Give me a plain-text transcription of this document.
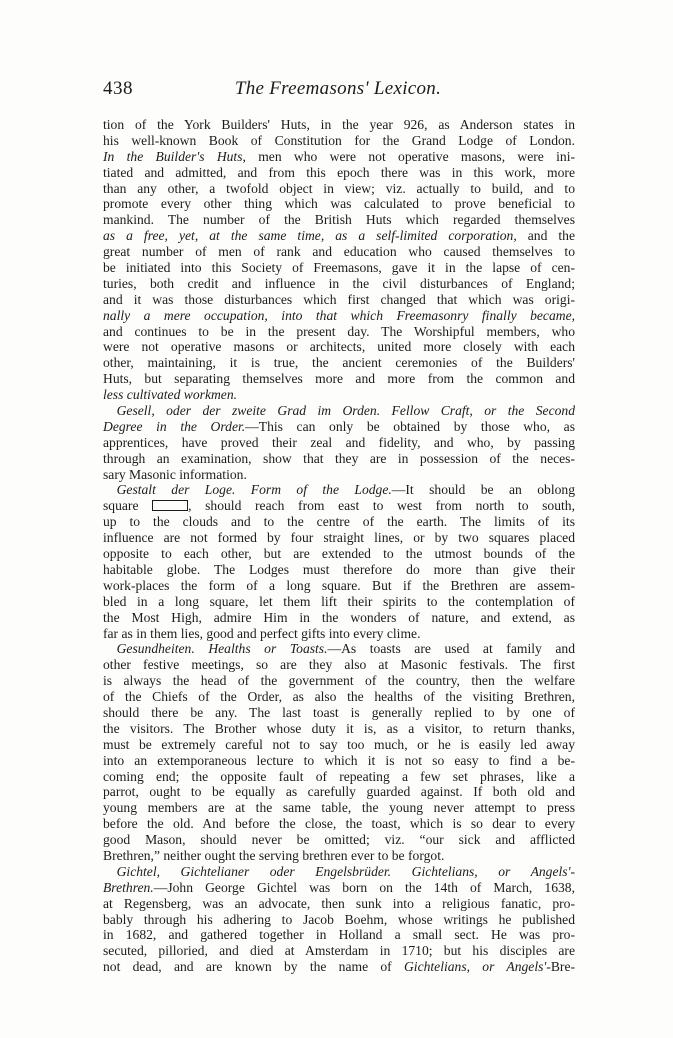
438	The Freemasons' Lexicon.
tion of the York Builders' Huts, in the year 926, as Anderson states in
his well-known Book of Constitution for the Grand Lodge of London.
In the Builder's Huts, men who were not operative masons, were ini-
tiated and admitted, and from this epoch there was in this work, more
than any other, a twofold object in view; viz. actually to build, and to
promote every other thing which was calculated to prove beneficial to
mankind. The number of the British Huts which regarded themselves
as a free, yet, at the same time, as a self-limited corporation, and the
great number of men of rank and education who caused themselves to
be initiated into this Society of Freemasons, gave it in the lapse of cen-
turies, both credit and influence in the civil disturbances of England;
and it was those disturbances which first changed that which was origi-
nally a mere occupation, into that which Freemasonry finally became,
and continues to be in the present day. The Worshipful members, who
were not operative masons or architects, united more closely with each
other, maintaining, it is true, the ancient ceremonies of the Builders'
Huts, but separating themselves more and more from the common and
less cultivated workmen.
 Gesell, oder der zweite Grad im Orden. Fellow Craft, or the Second
Degree in the Order.—This can only be obtained by those who, as
apprentices, have proved their zeal and fidelity, and who, by passing
through an examination, show that they are in possession of the neces-
sary Masonic information.
 Gestalt der Loge. Form of the Lodge.—It should be an oblong
square	, should reach from east to west from north to south,
up to the clouds and to the centre of the earth. The limits of its
influence are not formed by four straight lines, or by two squares placed
opposite to each other, but are extended to the utmost bounds of the
habitable globe. The Lodges must therefore do more than give their
work-places the form of a long square. But if the Brethren are assem-
bled in a long square, let them lift their spirits to the contemplation of
the Most High, admire Him in the wonders of nature, and extend, as
far as in them lies, good and perfect gifts into every clime.
 Gesundheiten. Healths or Toasts.—As toasts are used at family and
other festive meetings, so are they also at Masonic festivals. The first
is always the head of the government of the country, then the welfare
of the Chiefs of the Order, as also the healths of the visiting Brethren,
should there be any. The last toast is generally replied to by one of
the visitors. The Brother whose duty it is, as a visitor, to return thanks,
must be extremely careful not to say too much, or he is easily led away
into an extemporaneous lecture to which it is not so easy to find a be-
coming end; the opposite fault of repeating a few set phrases, like a
parrot, ought to be equally as carefully guarded against. If both old and
young members are at the same table, the young never attempt to press
before the old. And before the close, the toast, which is so dear to every
good Mason, should never be omitted; viz. “our sick and afflicted
Brethren,” neither ought the serving brethren ever to be forgot.
 Gichtel, Gichtelianer oder Engelsbrüder. Gichtelians, or Angels'-
Brethren.—John George Gichtel was born on the 14th of March, 1638,
at Regensberg, was an advocate, then sunk into a religious fanatic, pro-
bably through his adhering to Jacob Boehm, whose writings he published
in 1682, and gathered together in Holland a small sect. He was pro-
secuted, pilloried, and died at Amsterdam in 1710; but his disciples are
not dead, and are known by the name of Gichtelians, or Angels'-Bre-
